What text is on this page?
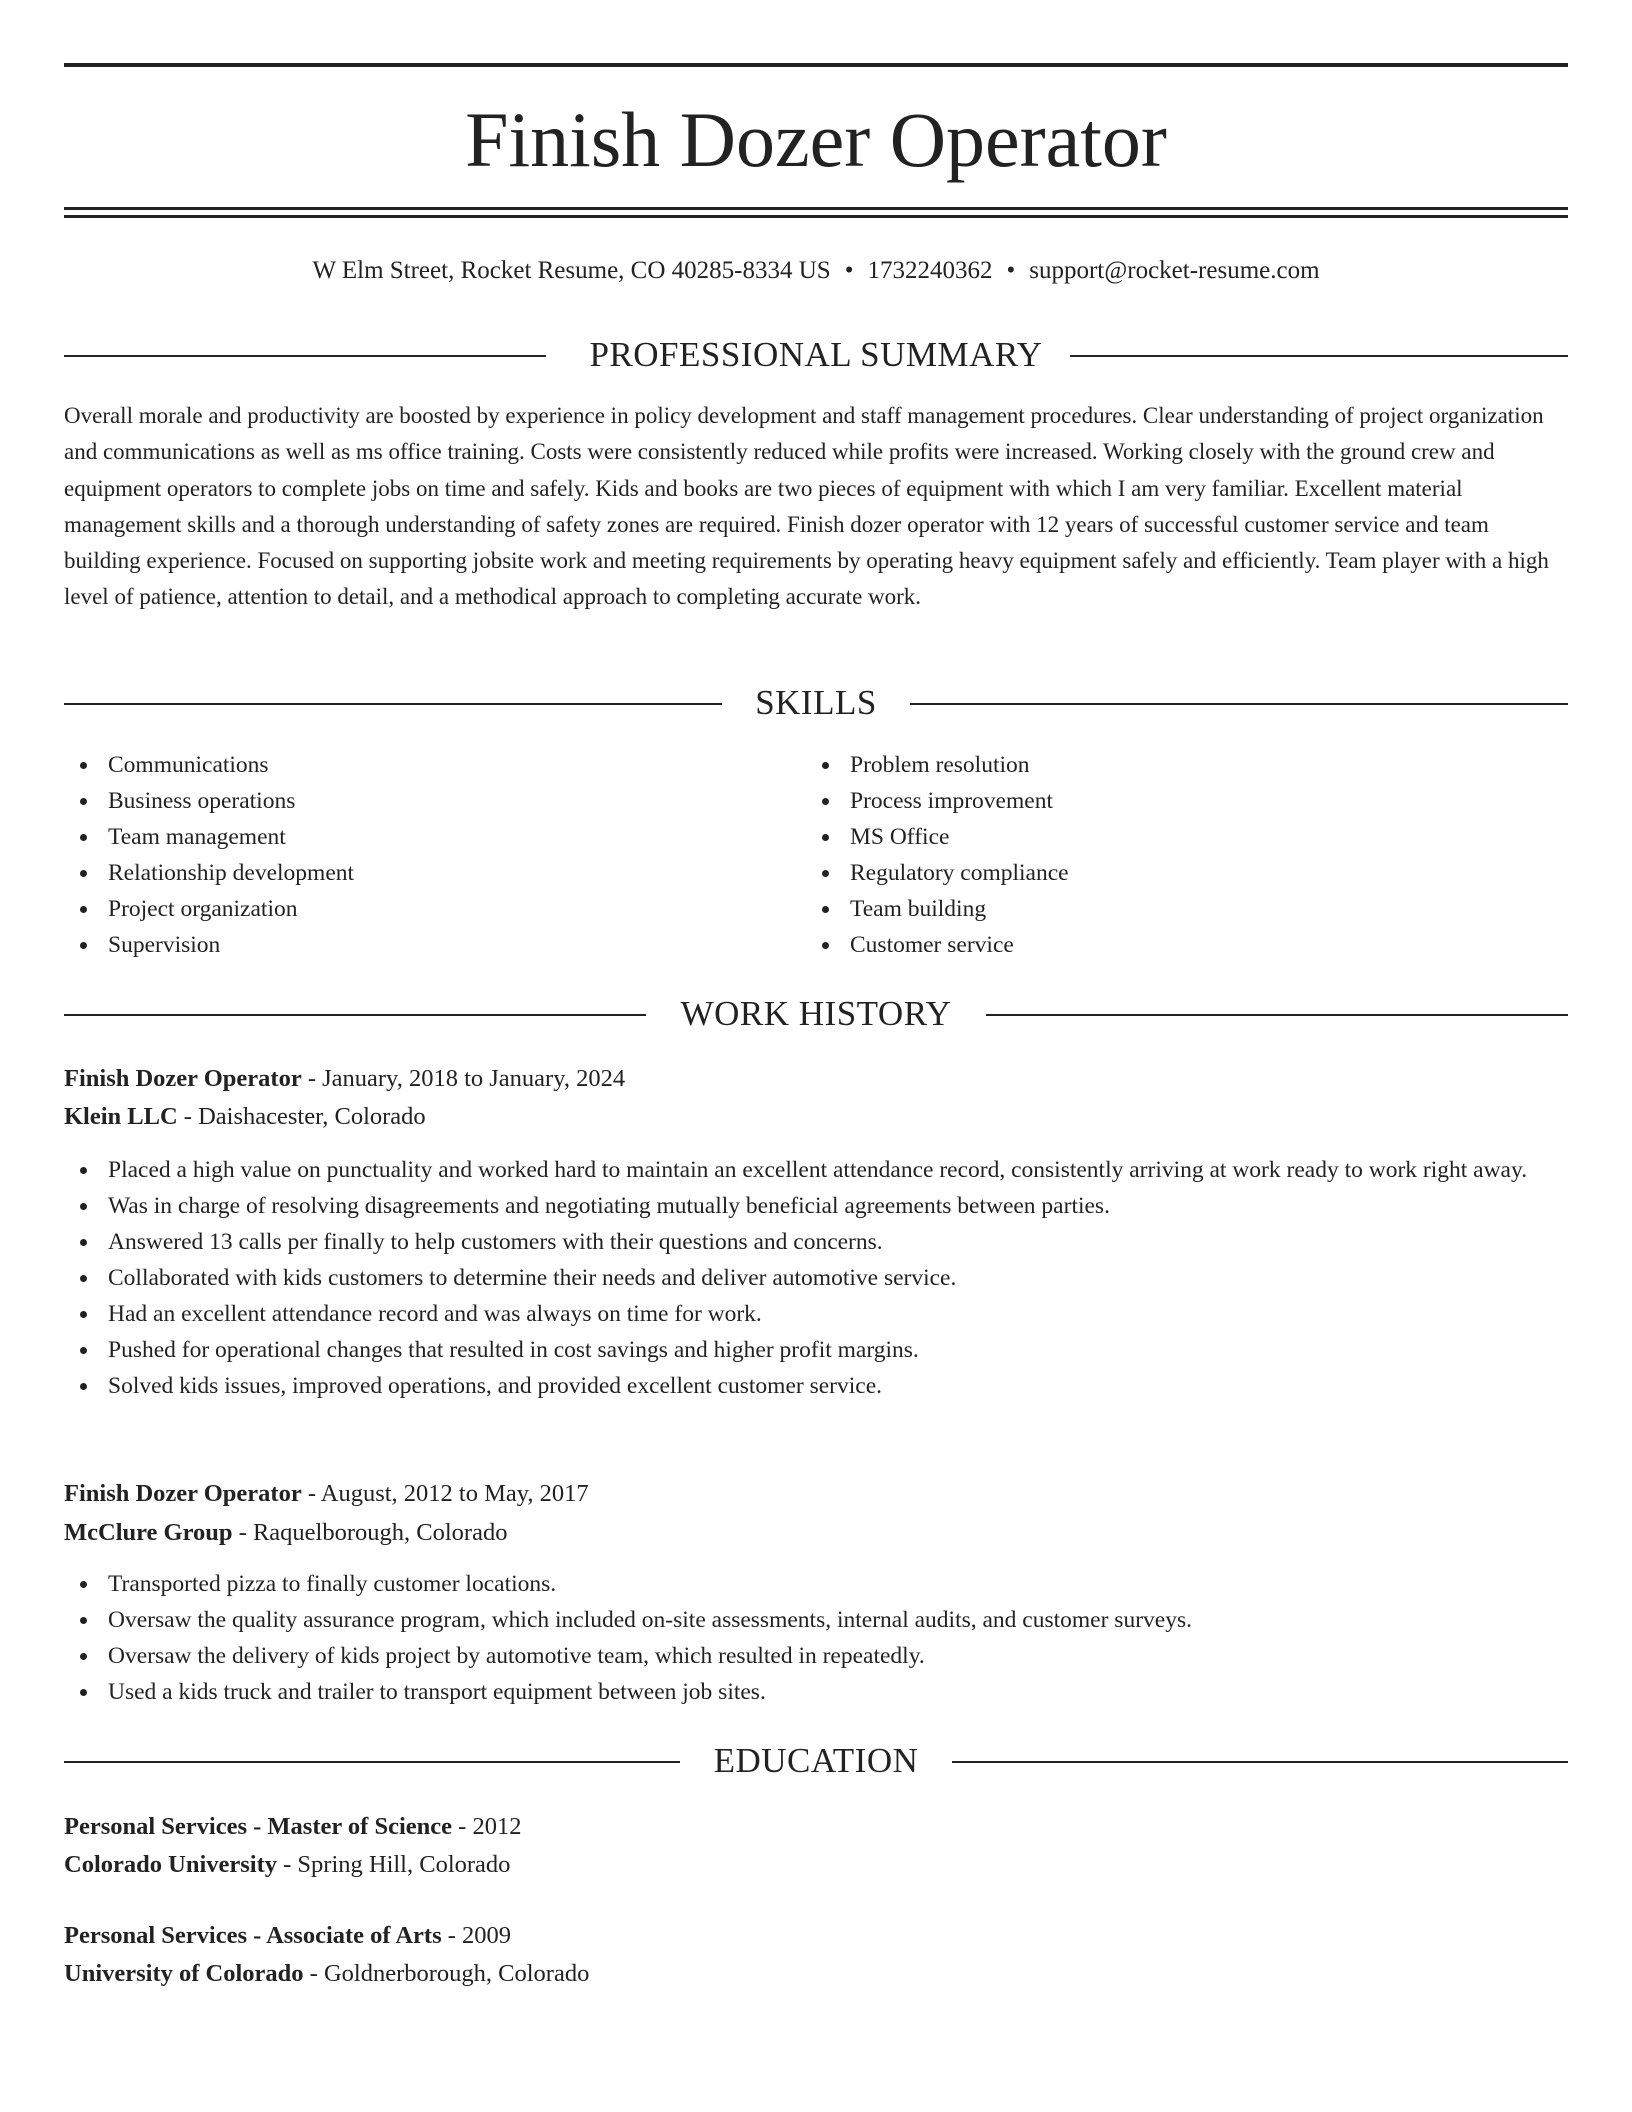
Finish Dozer Operator
W Elm Street, Rocket Resume, CO 40285-8334 US • 1732240362 • support@rocket-resume.com
PROFESSIONAL SUMMARY

Overall morale and productivity are boosted by experience in policy development and staff management procedures. Clear understanding of project organization and communications as well as ms office training. Costs were consistently reduced while profits were increased. Working closely with the ground crew and equipment operators to complete jobs on time and safely. Kids and books are two pieces of equipment with which I am very familiar. Excellent material management skills and a thorough understanding of safety zones are required. Finish dozer operator with 12 years of successful customer service and team building experience. Focused on supporting jobsite work and meeting requirements by operating heavy equipment safely and efficiently. Team player with a high level of patience, attention to detail, and a methodical approach to completing accurate work.

SKILLS
Communications
Business operations
Team management
Relationship development
Project organization
Supervision
Problem resolution
Process improvement
MS Office
Regulatory compliance
Team building
Customer service
WORK HISTORY
Finish Dozer Operator - January, 2018 to January, 2024
Klein LLC - Daishacester, Colorado
Placed a high value on punctuality and worked hard to maintain an excellent attendance record, consistently arriving at work ready to work right away.
Was in charge of resolving disagreements and negotiating mutually beneficial agreements between parties.
Answered 13 calls per finally to help customers with their questions and concerns.
Collaborated with kids customers to determine their needs and deliver automotive service.
Had an excellent attendance record and was always on time for work.
Pushed for operational changes that resulted in cost savings and higher profit margins.
Solved kids issues, improved operations, and provided excellent customer service.
Finish Dozer Operator - August, 2012 to May, 2017
McClure Group - Raquelborough, Colorado
Transported pizza to finally customer locations.
Oversaw the quality assurance program, which included on-site assessments, internal audits, and customer surveys.
Oversaw the delivery of kids project by automotive team, which resulted in repeatedly.
Used a kids truck and trailer to transport equipment between job sites.
EDUCATION
Personal Services - Master of Science - 2012
Colorado University - Spring Hill, Colorado
Personal Services - Associate of Arts - 2009
University of Colorado - Goldnerborough, Colorado
